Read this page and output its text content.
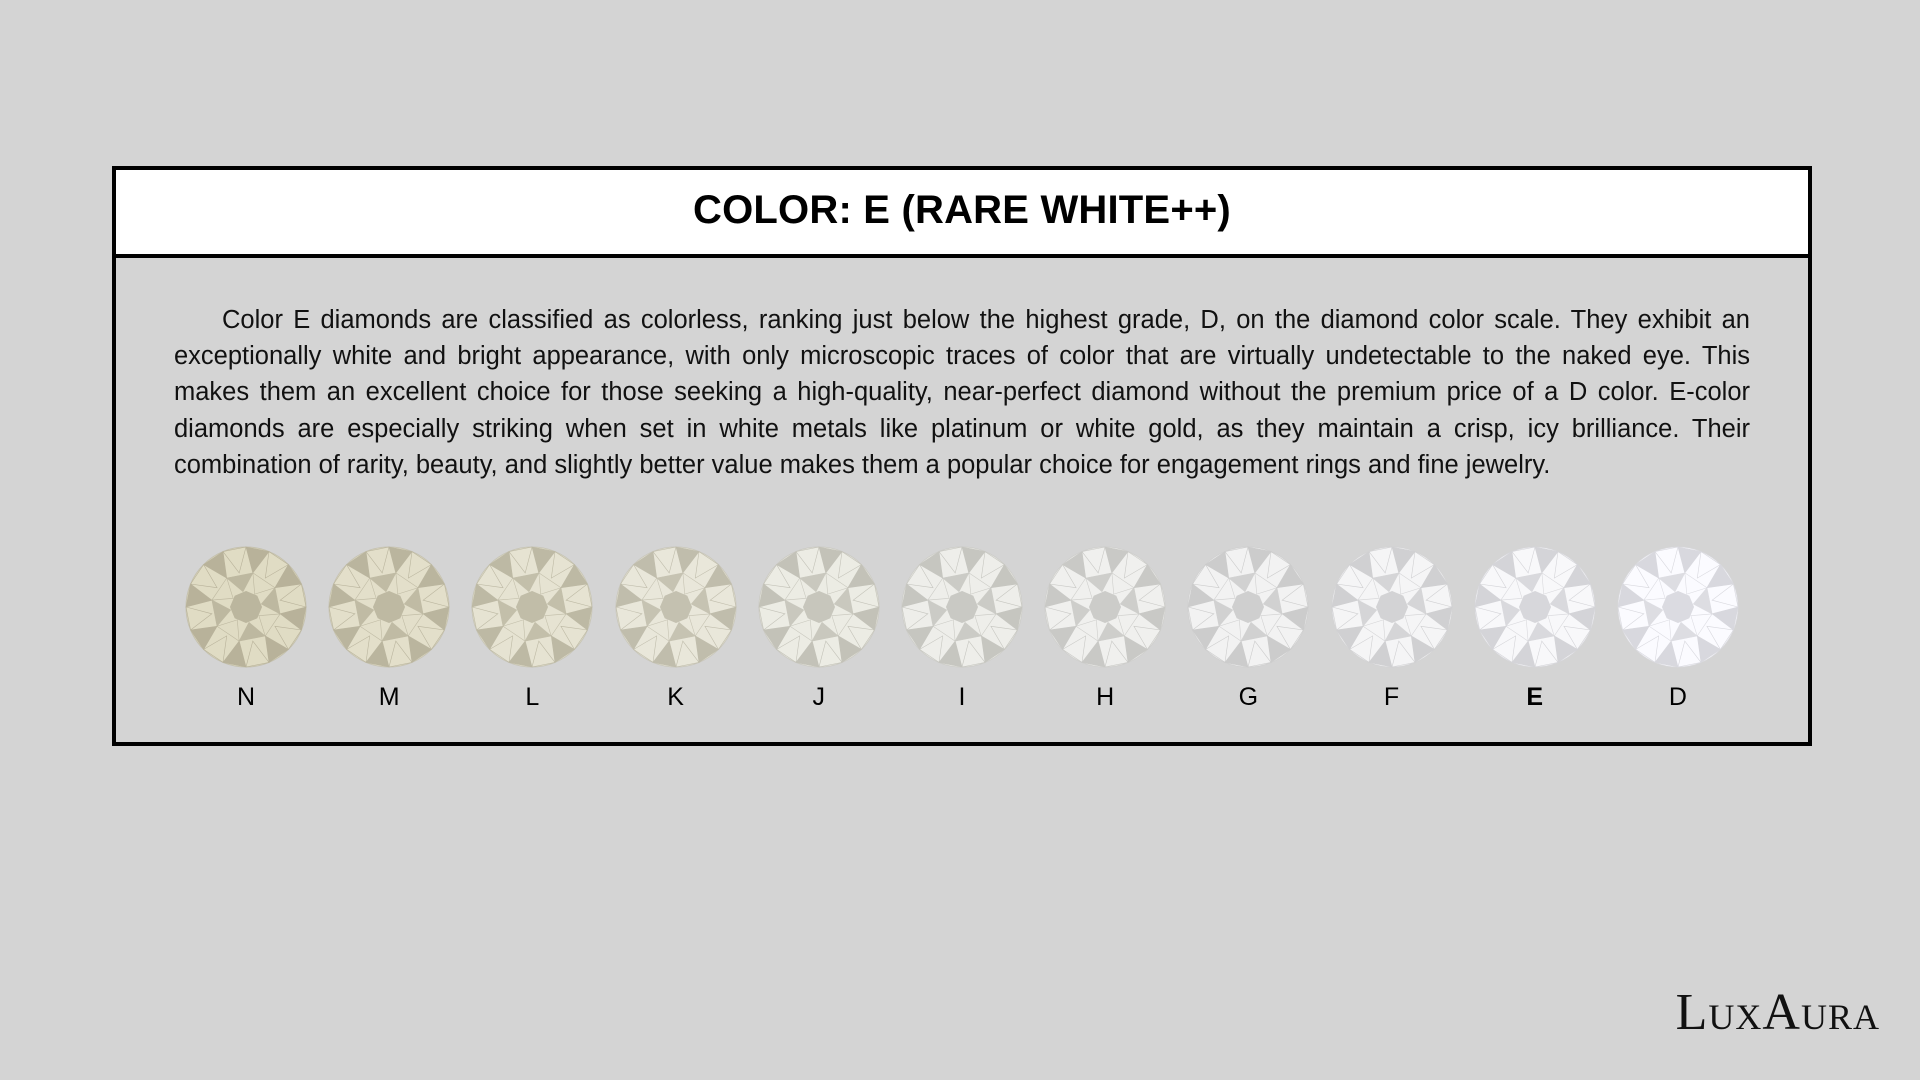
COLOR: E (RARE WHITE++)

Color E diamonds are classified as colorless, ranking just below the highest grade, D, on the diamond color scale. They exhibit an exceptionally white and bright appearance, with only microscopic traces of color that are virtually undetectable to the naked eye. This makes them an excellent choice for those seeking a high-quality, near-perfect diamond without the premium price of a D color. E-color diamonds are especially striking when set in white metals like platinum or white gold, as they maintain a crisp, icy brilliance. Their combination of rarity, beauty, and slightly better value makes them a popular choice for engagement rings and fine jewelry.

N	M	L	K	J	I	H	G	F	E	D
LUXAURA
